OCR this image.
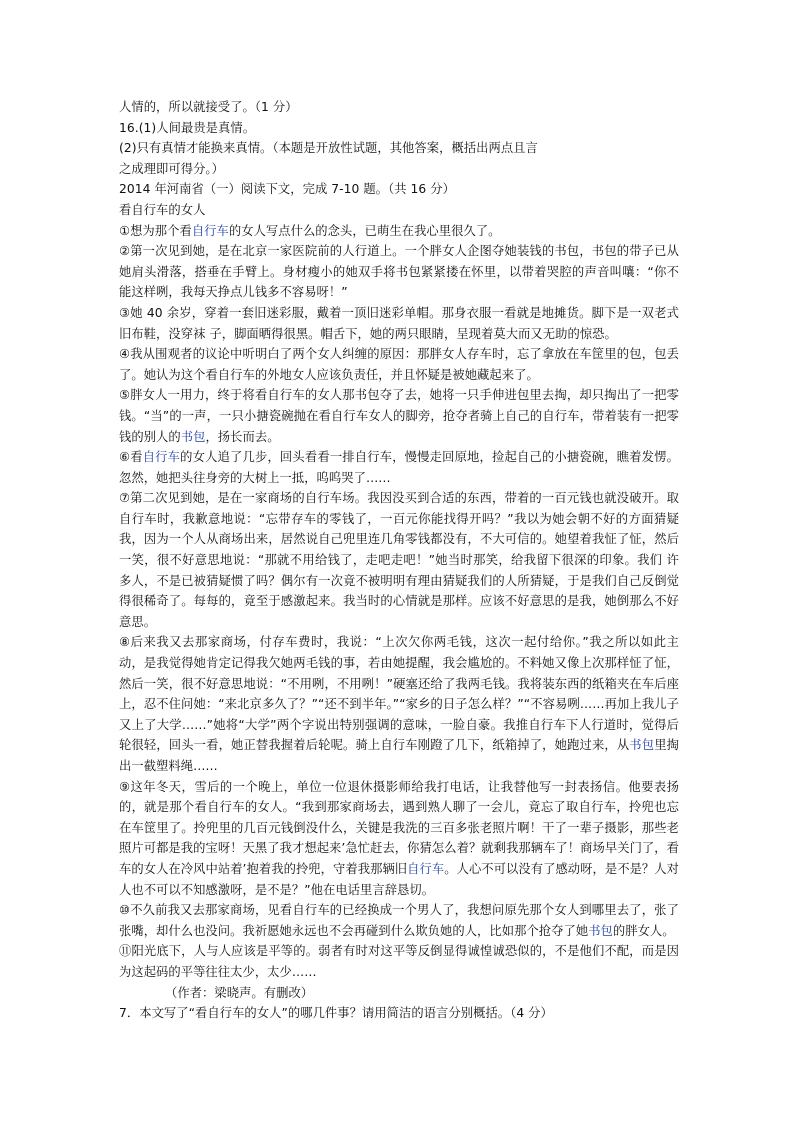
人情的，所以就接受了。（1 分）

16.(1)人间最贵是真情。

(2)只有真情才能换来真情。（本题是开放性试题，其他答案，概括出两点且言

之成理即可得分。）

2014 年河南省（一）阅读下文，完成 7-10 题。（共 16 分）

看自行车的女人

①想为那个看自行车的女人写点什么的念头，已萌生在我心里很久了。

②第一次见到她，是在北京一家医院前的人行道上。一个胖女人企图夺她装钱的书包，书包的带子已从她肩头滑落，搭垂在手臂上。身材瘦小的她双手将书包紧紧搂在怀里，以带着哭腔的声音叫嚷：“你不能这样咧，我每天挣点儿钱多不容易呀！”

③她 40 余岁，穿着一套旧迷彩服，戴着一顶旧迷彩单帽。那身衣服一看就是地摊货。脚下是一双老式旧布鞋，没穿袜 子，脚面晒得很黑。帽舌下，她的两只眼睛，呈现着莫大而又无助的惊恐。

④我从围观者的议论中听明白了两个女人纠缠的原因：那胖女人存车时，忘了拿放在车筐里的包，包丢了。她认为这个看自行车的外地女人应该负责任，并且怀疑是被她藏起来了。

⑤胖女人一用力，终于将看自行车的女人那书包夺了去，她将一只手伸进包里去掏，却只掏出了一把零钱。“当”的一声，一只小搪瓷碗抛在看自行车女人的脚旁，抢夺者骑上自己的自行车，带着装有一把零钱的别人的书包，扬长而去。

⑥看自行车的女人追了几步，回头看看一排自行车，慢慢走回原地，捡起自己的小搪瓷碗，瞧着发愣。忽然，她把头往身旁的大树上一抵，呜呜哭了……

⑦第二次见到她，是在一家商场的自行车场。我因没买到合适的东西，带着的一百元钱也就没破开。取自行车时，我歉意地说：“忘带存车的零钱了，一百元你能找得开吗？”我以为她会朝不好的方面猜疑我，因为一个人从商场出来，居然说自己兜里连几角零钱都没有，不大可信的。她望着我怔了怔，然后一笑，很不好意思地说：“那就不用给钱了，走吧走吧！”她当时那笑，给我留下很深的印象。我们 许多人，不是已被猜疑惯了吗？偶尔有一次竟不被明明有理由猜疑我们的人所猜疑，于是我们自己反倒觉得很稀奇了。每每的，竟至于感激起来。我当时的心情就是那样。应该不好意思的是我，她倒那么不好意思。

⑧后来我又去那家商场，付存车费时，我说：“上次欠你两毛钱，这次一起付给你。”我之所以如此主动，是我觉得她肯定记得我欠她两毛钱的事，若由她提醒，我会尴尬的。不料她又像上次那样怔了怔，然后一笑，很不好意思地说：“不用咧，不用咧！”硬塞还给了我两毛钱。我将装东西的纸箱夹在车后座上，忍不住问她：“来北京多久了？”“还不到半年。”“家乡的日子怎么样？”“不容易咧……再加上我儿子又上了大学……”她将“大学”两个字说出特别强调的意味，一脸自豪。我推自行车下人行道时，觉得后轮很轻，回头一看，她正替我握着后轮呢。骑上自行车刚蹬了几下，纸箱掉了，她跑过来，从书包里掏出一截塑料绳……

⑨这年冬天，雪后的一个晚上，单位一位退休摄影师给我打电话，让我替他写一封表扬信。他要表扬的，就是那个看自行车的女人。“我到那家商场去，遇到熟人聊了一会儿，竟忘了取自行车，拎兜也忘在车筐里了。拎兜里的几百元钱倒没什么，关键是我洗的三百多张老照片啊！干了一辈子摄影，那些老照片可都是我的宝呀！天黑了我才想起来’急忙赶去，你猜怎么着？就剩我那辆车了！商场早关门了，看车的女人在冷风中站着’抱着我的拎兜，守着我那辆旧自行车。人心不可以没有了感动呀，是不是？人对人也不可以不知感激呀，是不是？”他在电话里言辞恳切。

⑩不久前我又去那家商场，见看自行车的已经换成一个男人了，我想问原先那个女人到哪里去了，张了张嘴，却什么也没问。我祈愿她永远也不会再碰到什么欺负她的人，比如那个抢夺了她书包的胖女人。

⑪阳光底下，人与人应该是平等的。弱者有时对这平等反倒显得诚惶诚恐似的，不是他们不配，而是因为这起码的平等往往太少，太少……

（作者：梁晓声。有删改）

7．本文写了“看自行车的女人”的哪几件事？请用简洁的语言分别概括。（4 分）
